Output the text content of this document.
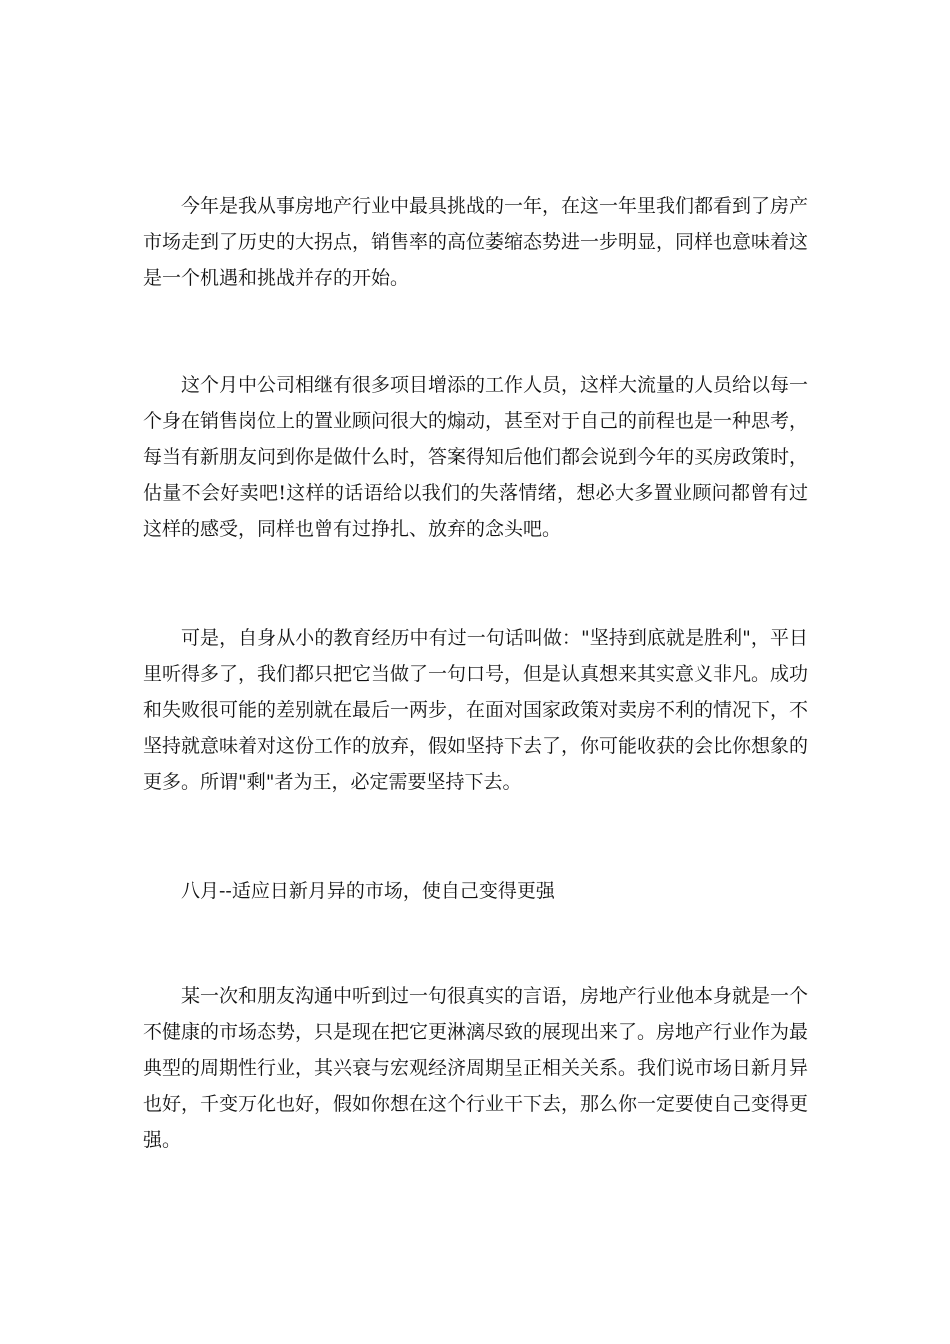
今年是我从事房地产行业中最具挑战的一年，在这一年里我们都看到了房产市场走到了历史的大拐点，销售率的高位萎缩态势进一步明显，同样也意味着这是一个机遇和挑战并存的开始。

这个月中公司相继有很多项目增添的工作人员，这样大流量的人员给以每一个身在销售岗位上的置业顾问很大的煽动，甚至对于自己的前程也是一种思考，每当有新朋友问到你是做什么时，答案得知后他们都会说到今年的买房政策时，估量不会好卖吧!这样的话语给以我们的失落情绪，想必大多置业顾问都曾有过这样的感受，同样也曾有过挣扎、放弃的念头吧。

可是，自身从小的教育经历中有过一句话叫做："坚持到底就是胜利"，平日里听得多了，我们都只把它当做了一句口号，但是认真想来其实意义非凡。成功和失败很可能的差别就在最后一两步，在面对国家政策对卖房不利的情况下，不坚持就意味着对这份工作的放弃，假如坚持下去了，你可能收获的会比你想象的更多。所谓"剩"者为王，必定需要坚持下去。

八月--适应日新月异的市场，使自己变得更强

某一次和朋友沟通中听到过一句很真实的言语，房地产行业他本身就是一个不健康的市场态势，只是现在把它更淋漓尽致的展现出来了。房地产行业作为最典型的周期性行业，其兴衰与宏观经济周期呈正相关关系。我们说市场日新月异也好，千变万化也好，假如你想在这个行业干下去，那么你一定要使自己变得更强。
